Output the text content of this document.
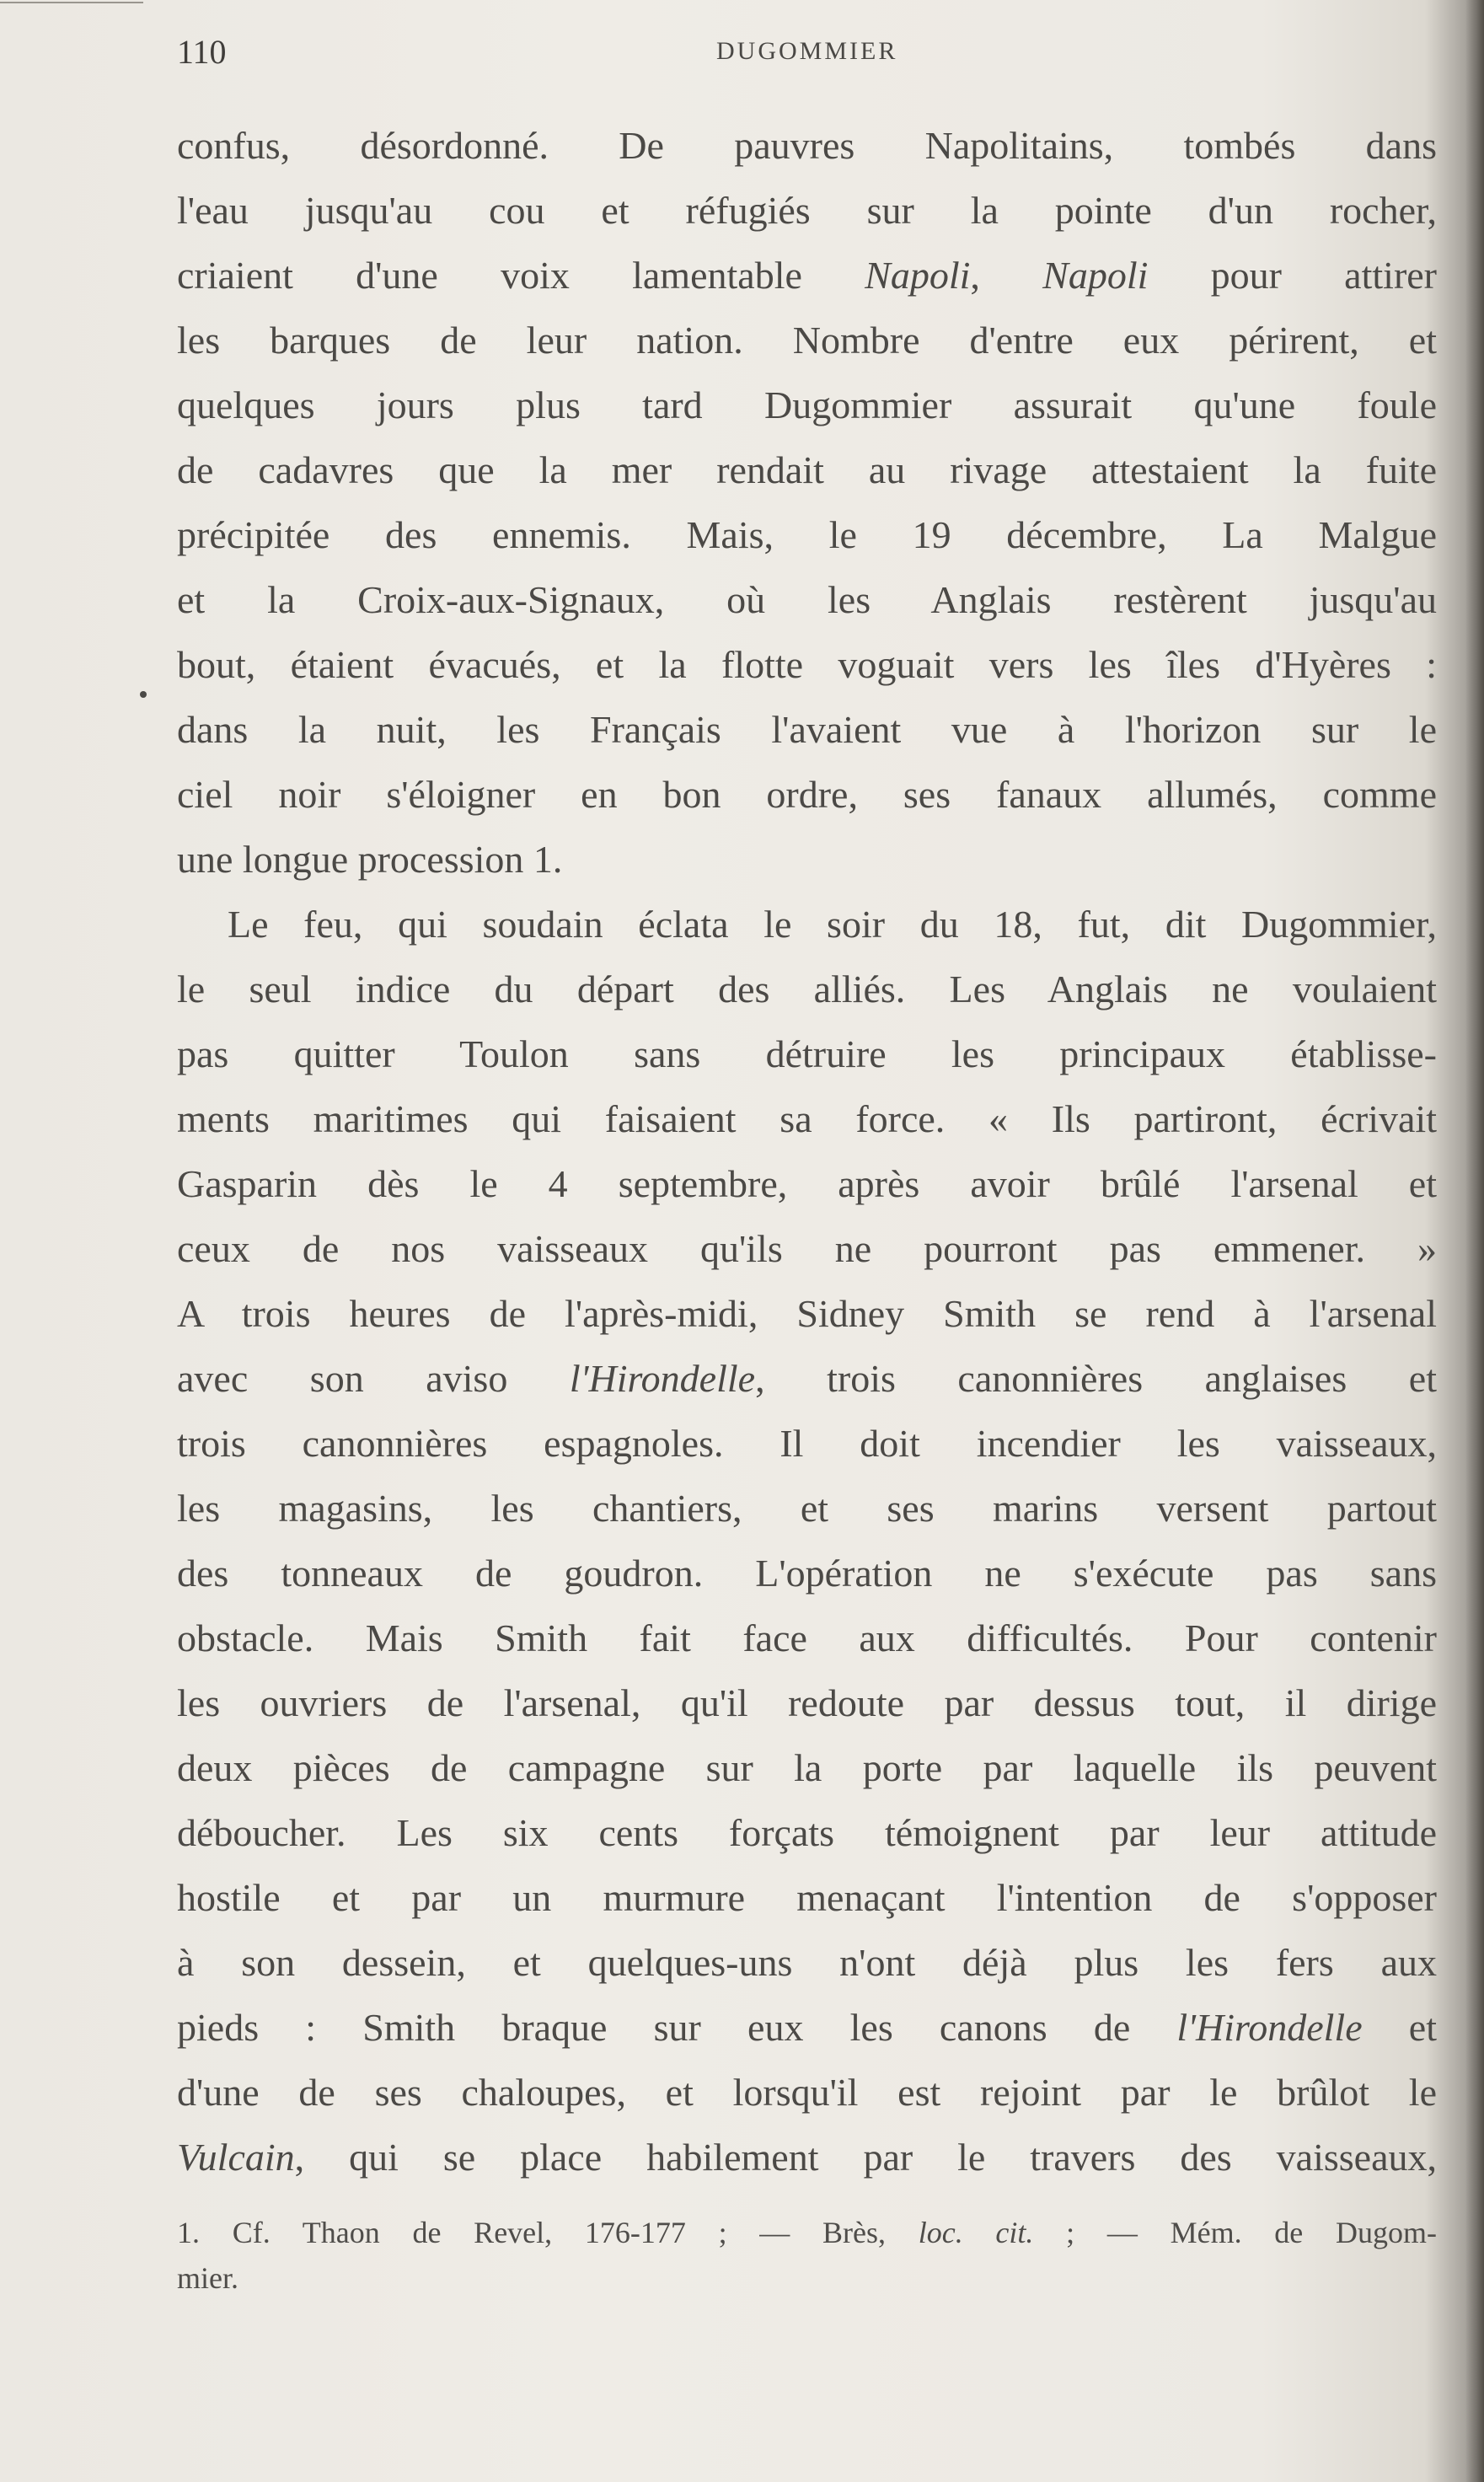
110	DUGOMMIER
confus, désordonné. De pauvres Napolitains, tombés dans
l'eau jusqu'au cou et réfugiés sur la pointe d'un rocher,
criaient d'une voix lamentable Napoli, Napoli pour attirer
les barques de leur nation. Nombre d'entre eux périrent, et
quelques jours plus tard Dugommier assurait qu'une foule
de cadavres que la mer rendait au rivage attestaient la fuite
précipitée des ennemis. Mais, le 19 décembre, La Malgue
et la Croix-aux-Signaux, où les Anglais restèrent jusqu'au
bout, étaient évacués, et la flotte voguait vers les îles d'Hyères :
dans la nuit, les Français l'avaient vue à l'horizon sur le
ciel noir s'éloigner en bon ordre, ses fanaux allumés, comme
une longue procession 1.
Le feu, qui soudain éclata le soir du 18, fut, dit Dugommier,
le seul indice du départ des alliés. Les Anglais ne voulaient
pas quitter Toulon sans détruire les principaux établisse-
ments maritimes qui faisaient sa force. « Ils partiront, écrivait
Gasparin dès le 4 septembre, après avoir brûlé l'arsenal et
ceux de nos vaisseaux qu'ils ne pourront pas emmener. »
A trois heures de l'après-midi, Sidney Smith se rend à l'arsenal
avec son aviso l'Hirondelle, trois canonnières anglaises et
trois canonnières espagnoles. Il doit incendier les vaisseaux,
les magasins, les chantiers, et ses marins versent partout
des tonneaux de goudron. L'opération ne s'exécute pas sans
obstacle. Mais Smith fait face aux difficultés. Pour contenir
les ouvriers de l'arsenal, qu'il redoute par dessus tout, il dirige
deux pièces de campagne sur la porte par laquelle ils peuvent
déboucher. Les six cents forçats témoignent par leur attitude
hostile et par un murmure menaçant l'intention de s'opposer
à son dessein, et quelques-uns n'ont déjà plus les fers aux
pieds : Smith braque sur eux les canons de l'Hirondelle et
d'une de ses chaloupes, et lorsqu'il est rejoint par le brûlot le
Vulcain, qui se place habilement par le travers des vaisseaux,
1. Cf. Thaon de Revel, 176-177 ; — Brès, loc. cit. ; — Mém. de Dugom-
mier.
